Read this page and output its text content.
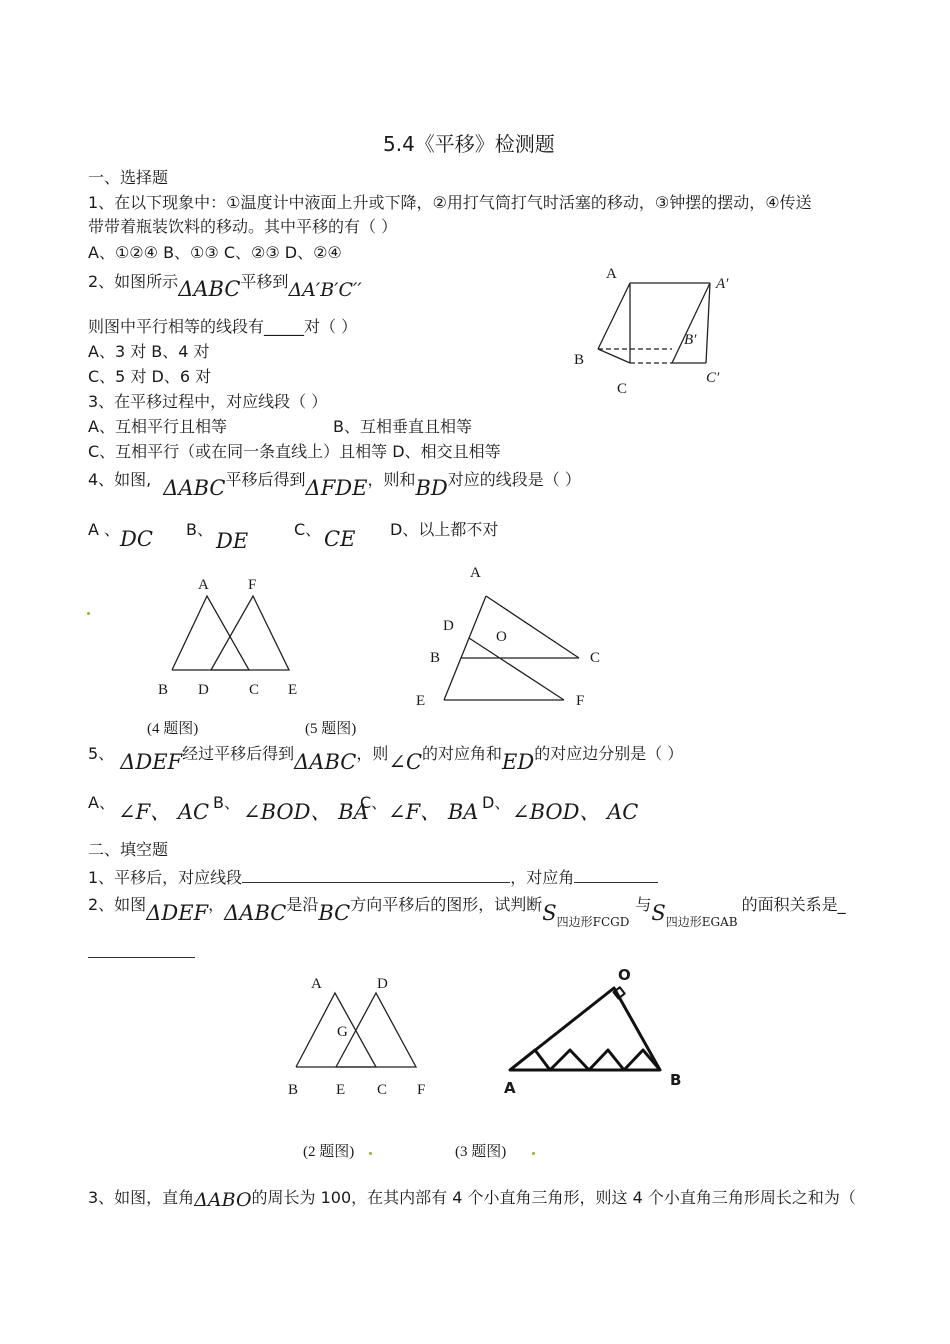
5.4《平移》检测题
一、选择题
1、在以下现象中：①温度计中液面上升或下降，②用打气筒打气时活塞的移动，③钟摆的摆动，④传送
带带着瓶装饮料的移动。其中平移的有（ ）
A、①②④ B、①③ C、②③ D、②④
2、如图所示ΔABC平移到ΔA′B′C′′
则图中平行相等的线段有_____对（ ）
A、3 对 B、4 对
C、5 对 D、6 对
A
B
C
A′
B′
C′
3、在平移过程中，对应线段（ ）
A、互相平行且相等	B、互相垂直且相等
C、互相平行（或在同一条直线上）且相等 D、相交且相等
4、如图, ΔABC平移后得到ΔFDE，则和BD对应的线段是（ ）
A 、 DC B、 DE	C、 CE D、以上都不对
A	F
B D	C E
(4 题图)
A
D
O
B	C
E	F
(5 题图)
5、 ΔDEF经过平移后得到ΔABC，则∠C的对应角和ED的对应边分别是（ ）
A、 ∠F、 AC B、 ∠BOD、 BA
C、 ∠F、 BA D、 ∠BOD、 AC
二、填空题
1、平移后，对应线段	，对应角
2、如图ΔDEF，ΔABC是沿BC方向平移后的图形，试判断$S_{四边形FCGD}$与$S_{四边形EGAB}$的面积关系是_
A	D
G
B	E C F
(2 题图)
O
A	B
(3 题图)
3、如图，直角ΔABO的周长为 100，在其内部有 4 个小直角三角形，则这 4 个小直角三角形周长之和为（
